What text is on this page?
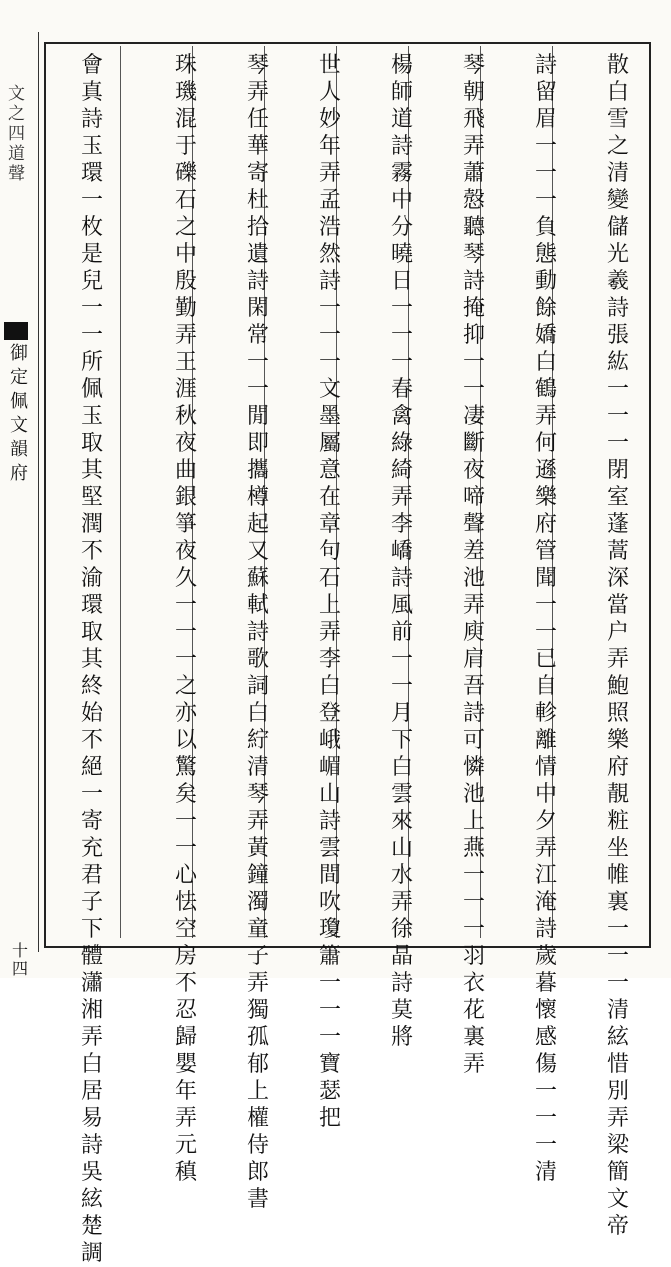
文之四道 聲
御定佩文韻府
十四
散白雪之清變儲光羲詩張紘一一一閉室蓬蒿深 當户弄 鮑照樂府靚粧坐帷裏一一一清絃 惜別弄 梁簡文帝
詩留眉一一一負態動餘嬌 白鶴弄 何遜樂府管聞一一已自軫離情 中夕弄 江淹詩歲暮懷感傷一一一清
琴 朝飛弄 蕭慤聽琴詩掩抑一一凄斷夜啼聲 差池弄 庾肩吾詩可憐池上燕一一一羽衣 花裏弄
楊師道詩霧中分曉日一一一春禽 綠綺弄 李嶠詩風前一一月下白雲來 山水弄 徐晶詩莫將
世人 妙年弄 孟浩然詩一一一文墨屬意在章句 石上弄 李白登峨嵋山詩雲間吹瓊簫一一一寶瑟 把
琴弄 任華寄杜拾遺詩閑常一一閒即攜樽起又蘇軾詩歌詞白紵清琴弄黃鐘濁 童子弄 獨孤郁上權侍郎書
珠璣混于礫石之中 殷勤弄 王涯秋夜曲銀箏夜久一一一之亦以驚矣 一一心怯空房不忍歸 嬰年弄 元稹
會真詩玉環一枚是兒一一所佩玉取其堅潤不渝環取其終始不絕 一寄充君子下體 瀟湘弄 白居易詩吳絃楚調
